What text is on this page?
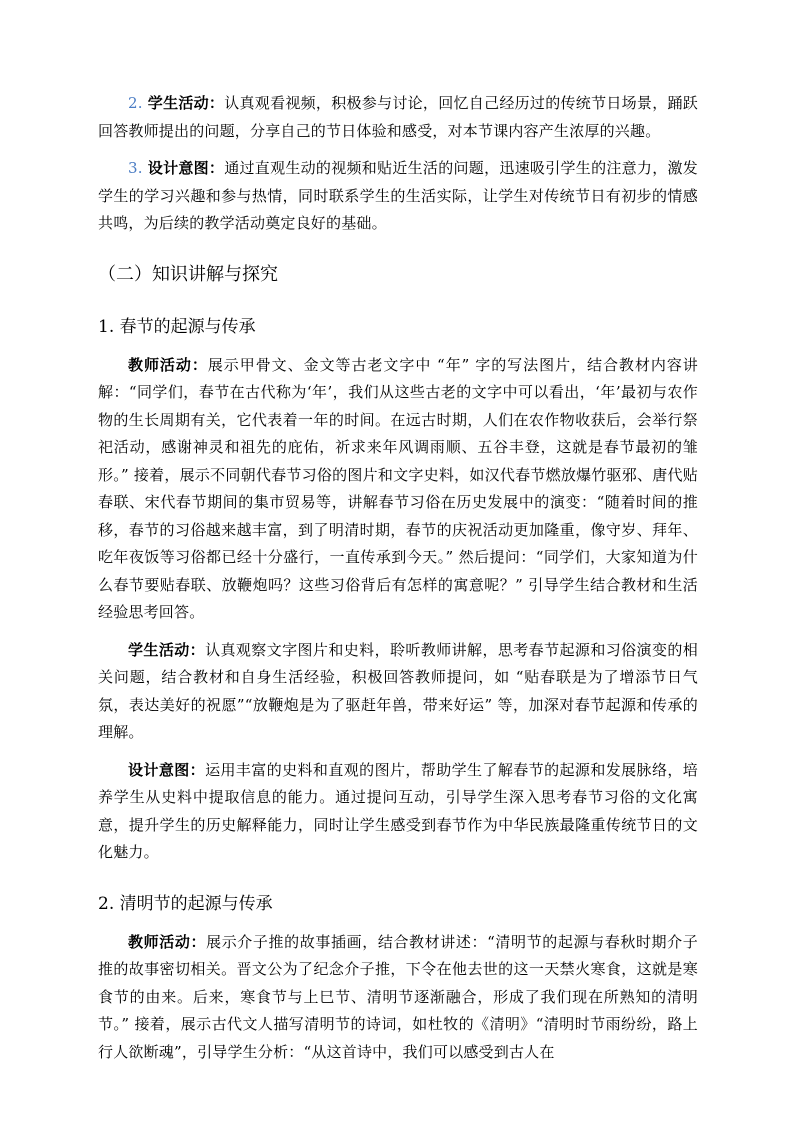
2. 学生活动：认真观看视频，积极参与讨论，回忆自己经历过的传统节日场景，踊跃回答教师提出的问题，分享自己的节日体验和感受，对本节课内容产生浓厚的兴趣。

3. 设计意图：通过直观生动的视频和贴近生活的问题，迅速吸引学生的注意力，激发学生的学习兴趣和参与热情，同时联系学生的生活实际，让学生对传统节日有初步的情感共鸣，为后续的教学活动奠定良好的基础。

（二）知识讲解与探究
1. 春节的起源与传承

教师活动：展示甲骨文、金文等古老文字中 “年” 字的写法图片，结合教材内容讲解：“同学们，春节在古代称为‘年’，我们从这些古老的文字中可以看出，‘年’最初与农作物的生长周期有关，它代表着一年的时间。在远古时期，人们在农作物收获后，会举行祭祀活动，感谢神灵和祖先的庇佑，祈求来年风调雨顺、五谷丰登，这就是春节最初的雏形。” 接着，展示不同朝代春节习俗的图片和文字史料，如汉代春节燃放爆竹驱邪、唐代贴春联、宋代春节期间的集市贸易等，讲解春节习俗在历史发展中的演变：“随着时间的推移，春节的习俗越来越丰富，到了明清时期，春节的庆祝活动更加隆重，像守岁、拜年、吃年夜饭等习俗都已经十分盛行，一直传承到今天。” 然后提问：“同学们，大家知道为什么春节要贴春联、放鞭炮吗？这些习俗背后有怎样的寓意呢？” 引导学生结合教材和生活经验思考回答。

学生活动：认真观察文字图片和史料，聆听教师讲解，思考春节起源和习俗演变的相关问题，结合教材和自身生活经验，积极回答教师提问，如 “贴春联是为了增添节日气氛，表达美好的祝愿”“放鞭炮是为了驱赶年兽，带来好运” 等，加深对春节起源和传承的理解。

设计意图：运用丰富的史料和直观的图片，帮助学生了解春节的起源和发展脉络，培养学生从史料中提取信息的能力。通过提问互动，引导学生深入思考春节习俗的文化寓意，提升学生的历史解释能力，同时让学生感受到春节作为中华民族最隆重传统节日的文化魅力。

2. 清明节的起源与传承

教师活动：展示介子推的故事插画，结合教材讲述：“清明节的起源与春秋时期介子推的故事密切相关。晋文公为了纪念介子推，下令在他去世的这一天禁火寒食，这就是寒食节的由来。后来，寒食节与上巳节、清明节逐渐融合，形成了我们现在所熟知的清明节。” 接着，展示古代文人描写清明节的诗词，如杜牧的《清明》“清明时节雨纷纷，路上行人欲断魂”，引导学生分析：“从这首诗中，我们可以感受到古人在
